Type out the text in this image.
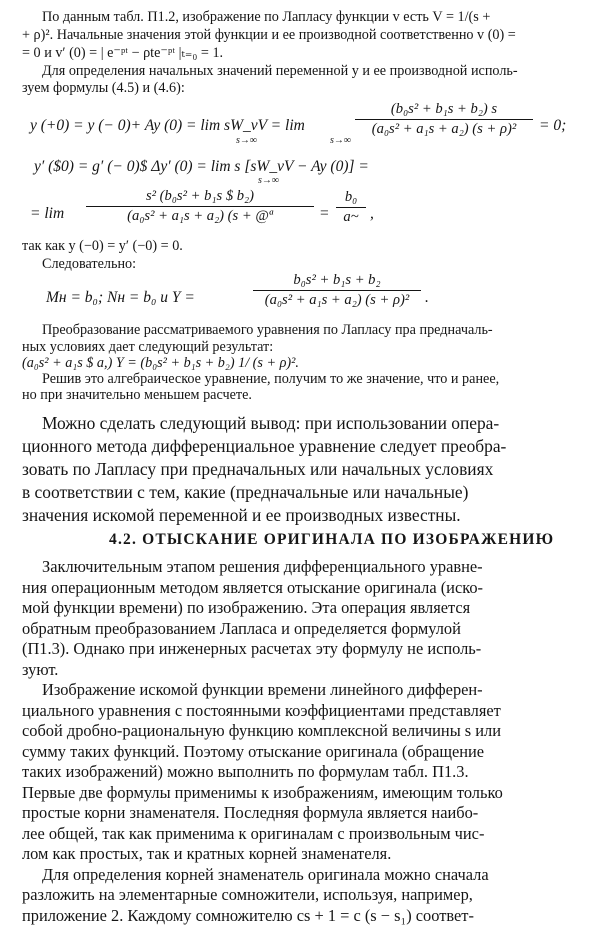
По данным табл. П1.2, изображение по Лапласу функции v есть V = 1/(s +
+ ρ)². Начальные значения этой функции и ее производной соответственно v (0) =
= 0 и v′ (0) = | e⁻ᵖᵗ − ρte⁻ᵖᵗ |ₜ₌₀ = 1.
Для определения начальных значений переменной y и ее производной исполь-
зуем формулы (4.5) и (4.6):
y (+0) = y (− 0)+ Ay (0) = lim sW_vV = lim
s→∞	s→∞
$\frac{\text{(b₀s² + b₁s + b₂) s}}{\text{(a₀s² + a₁s + a₂) (s + ρ)²}} = 0$;
y′ ($0) = g′ (− 0)$ Δy′ (0) = lim s [sW_vV − Ay (0)] =
s→∞
= $\lim \frac{\text{s² (b₀s² + b₁s \$ b₂)}}{\text{(a₀s² + a₁s + a₂) (s + @ª}} = \frac{\text{b₀}}{a\sim}$ ,
так как y (−0) = y′ (−0) = 0.
Следовательно:
Mн = b₀; Nн = b₀ и Y =	$\frac{\text{b₀s² + b₁s + b₂}}{\text{(a₀s² + a₁s + a₂) (s + ρ)²}}$ .
Преобразование рассматриваемого уравнения по Лапласу пра предначаль-
ных условиях дает следующий результат:
(a₀s² + a₁s $ a,) Y = (b₀s² + b₁s + b₂) 1/ (s + ρ)².
Решив это алгебраическое уравнение, получим то же значение, что и ранее,
но при значительно меньшем расчете.
Можно сделать следующий вывод: при использовании опера-
ционного метода дифференциальное уравнение следует преобра-
зовать по Лапласу при предначальных или начальных условиях
в соответствии с тем, какие (предначальные или начальные)
значения искомой переменной и ее производных известны.
4.2. ОТЫСКАНИЕ ОРИГИНАЛА ПО ИЗОБРАЖЕНИЮ
Заключительным этапом решения дифференциального уравне-
ния операционным методом является отыскание оригинала (иско-
мой функции времени) по изображению. Эта операция является
обратным преобразованием Лапласа и определяется формулой
(П1.3). Однако при инженерных расчетах эту формулу не исполь-
зуют.
Изображение искомой функции времени линейного дифферен-
циального уравнения с постоянными коэффициентами представляет
собой дробно-рациональную функцию комплексной величины s или
сумму таких функций. Поэтому отыскание оригинала (обращение
таких изображений) можно выполнить по формулам табл. П1.3.
Первые две формулы применимы к изображениям, имеющим только
простые корни знаменателя. Последняя формула является наибо-
лее общей, так как применима к оригиналам с произвольным чис-
лом как простых, так и кратных корней знаменателя.
Для определения корней знаменатель оригинала можно сначала
разложить на элементарные сомножители, используя, например,
приложение 2. Каждому сомножителю cs + 1 = c (s − s₁) соответ-
